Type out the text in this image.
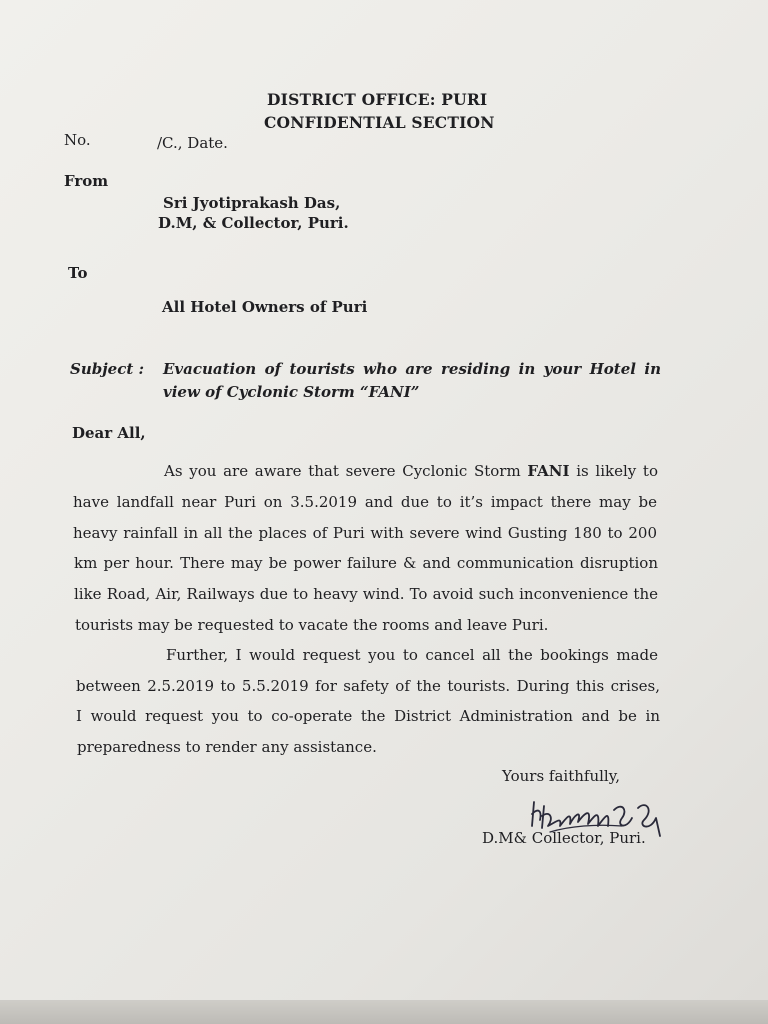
DISTRICT OFFICE: PURI
CONFIDENTIAL SECTION
No.	/C., Date.
From
Sri Jyotiprakash Das,
D.M, & Collector, Puri.
To
All Hotel Owners of Puri
Subject : Evacuation of tourists who are residing in your Hotel in
view of Cyclonic Storm “FANI”
Dear All,
As you are aware that severe Cyclonic Storm FANI is likely to
have landfall near Puri on 3.5.2019 and due to it’s impact there may be
heavy rainfall in all the places of Puri with severe wind Gusting 180 to 200
km per hour. There may be power failure & and communication disruption
like Road, Air, Railways due to heavy wind. To avoid such inconvenience the
tourists may be requested to vacate the rooms and leave Puri.
Further, I would request you to cancel all the bookings made
between 2.5.2019 to 5.5.2019 for safety of the tourists. During this crises,
I would request you to co-operate the District Administration and be in
preparedness to render any assistance.
Yours faithfully,
D.M& Collector, Puri.
